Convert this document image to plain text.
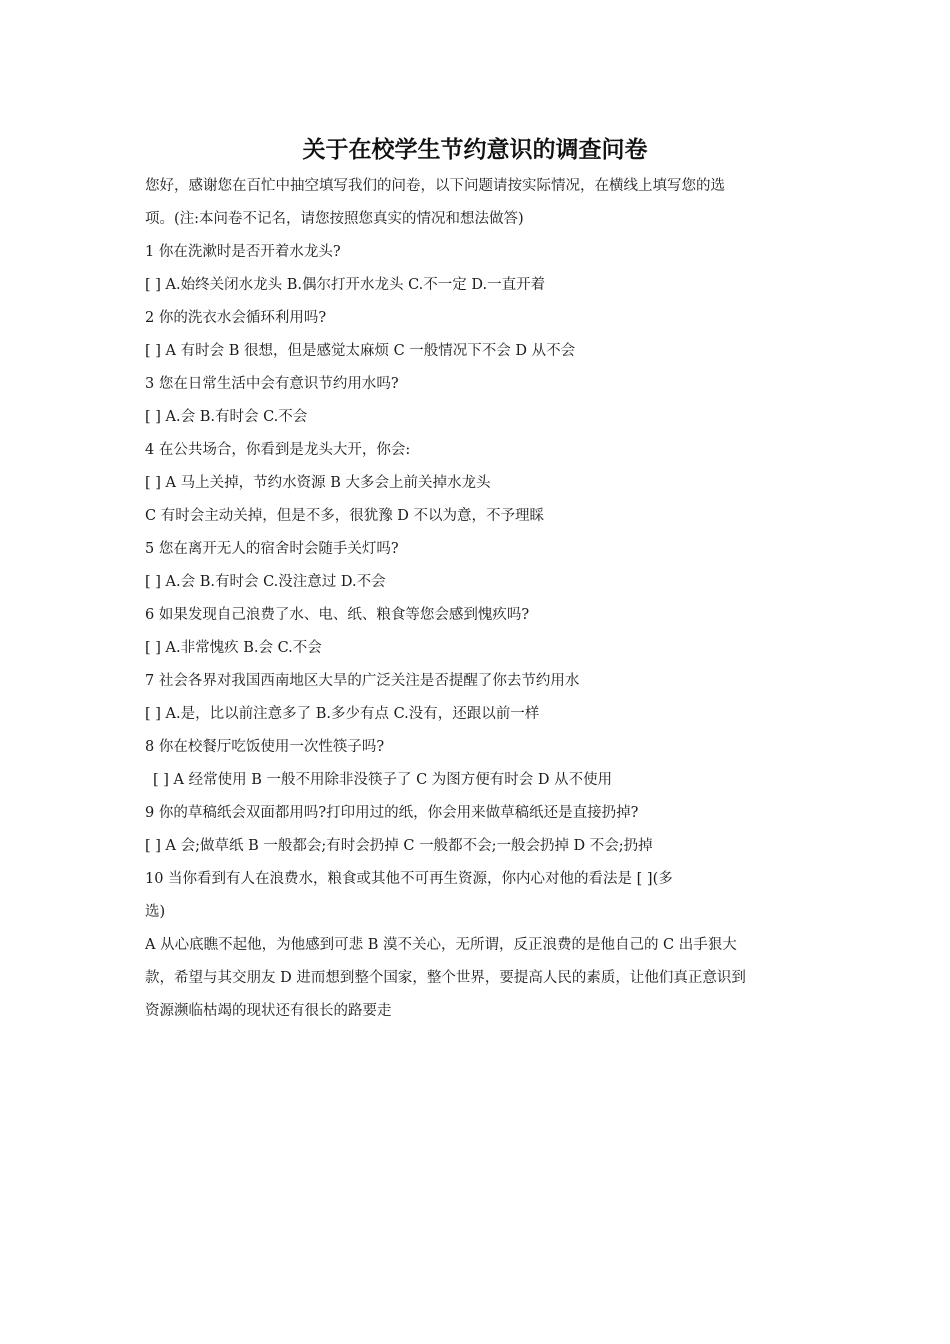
关于在校学生节约意识的调查问卷
您好，感谢您在百忙中抽空填写我们的问卷，以下问题请按实际情况，在横线上填写您的选
项。(注:本问卷不记名，请您按照您真实的情况和想法做答)
1 你在洗漱时是否开着水龙头?
[ ] A.始终关闭水龙头 B.偶尔打开水龙头 C.不一定 D.一直开着
2 你的洗衣水会循环利用吗?
[ ] A 有时会 B 很想，但是感觉太麻烦 C 一般情况下不会 D 从不会
3 您在日常生活中会有意识节约用水吗?
[ ] A.会 B.有时会 C.不会
4 在公共场合，你看到是龙头大开，你会:
[ ] A 马上关掉，节约水资源 B 大多会上前关掉水龙头
C 有时会主动关掉，但是不多，很犹豫 D 不以为意，不予理睬
5 您在离开无人的宿舍时会随手关灯吗?
[ ] A.会 B.有时会 C.没注意过 D.不会
6 如果发现自己浪费了水、电、纸、粮食等您会感到愧疚吗?
[ ] A.非常愧疚 B.会 C.不会
7 社会各界对我国西南地区大旱的广泛关注是否提醒了你去节约用水
[ ] A.是，比以前注意多了 B.多少有点 C.没有，还跟以前一样
8 你在校餐厅吃饭使用一次性筷子吗?
[ ] A 经常使用 B 一般不用除非没筷子了 C 为图方便有时会 D 从不使用
9 你的草稿纸会双面都用吗?打印用过的纸，你会用来做草稿纸还是直接扔掉?
[ ] A 会;做草纸 B 一般都会;有时会扔掉 C 一般都不会;一般会扔掉 D 不会;扔掉
10 当你看到有人在浪费水，粮食或其他不可再生资源，你内心对他的看法是 [ ](多
选)
A 从心底瞧不起他，为他感到可悲 B 漠不关心，无所谓，反正浪费的是他自己的 C 出手狠大
款，希望与其交朋友 D 进而想到整个国家，整个世界，要提高人民的素质，让他们真正意识到
资源濒临枯竭的现状还有很长的路要走
